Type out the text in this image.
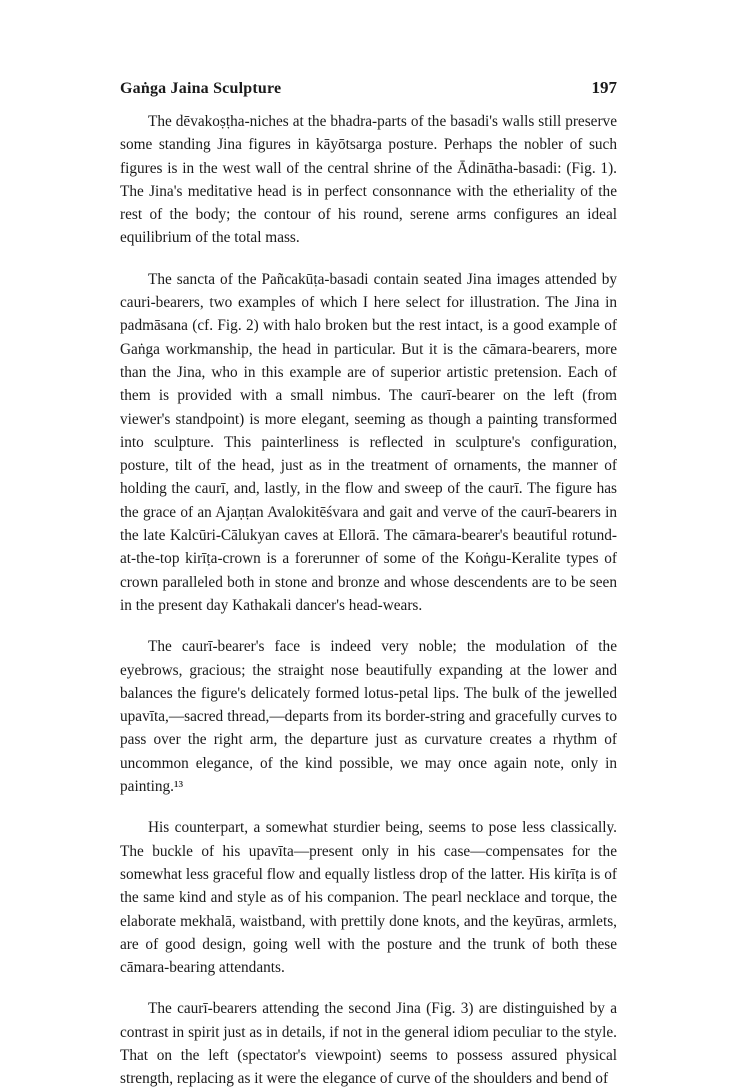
Gaṅga Jaina Sculpture	197

The dēvakoṣṭha-niches at the bhadra-parts of the basadi's walls still preserve some standing Jina figures in kāyōtsarga posture. Perhaps the nobler of such figures is in the west wall of the central shrine of the Ādinātha-basadi: (Fig. 1). The Jina's meditative head is in perfect consonnance with the etheriality of the rest of the body; the contour of his round, serene arms configures an ideal equilibrium of the total mass.

The sancta of the Pañcakūṭa-basadi contain seated Jina images attended by cauri-bearers, two examples of which I here select for illustration. The Jina in padmāsana (cf. Fig. 2) with halo broken but the rest intact, is a good example of Gaṅga workmanship, the head in particular. But it is the cāmara-bearers, more than the Jina, who in this example are of superior artistic pretension. Each of them is provided with a small nimbus. The caurī-bearer on the left (from viewer's standpoint) is more elegant, seeming as though a painting transformed into sculpture. This painterliness is reflected in sculpture's configuration, posture, tilt of the head, just as in the treatment of ornaments, the manner of holding the caurī, and, lastly, in the flow and sweep of the caurī. The figure has the grace of an Ajaṇṭan Avalokitēśvara and gait and verve of the caurī-bearers in the late Kalcūri-Cālukyan caves at Ellorā. The cāmara-bearer's beautiful rotund-at-the-top kirīṭa-crown is a forerunner of some of the Koṅgu-Keralite types of crown paralleled both in stone and bronze and whose descendents are to be seen in the present day Kathakali dancer's head-wears.

The caurī-bearer's face is indeed very noble; the modulation of the eyebrows, gracious; the straight nose beautifully expanding at the lower and balances the figure's delicately formed lotus-petal lips. The bulk of the jewelled upavīta,—sacred thread,—departs from its border-string and gracefully curves to pass over the right arm, the departure just as curvature creates a rhythm of uncommon elegance, of the kind possible, we may once again note, only in painting.¹³

His counterpart, a somewhat sturdier being, seems to pose less classically. The buckle of his upavīta—present only in his case—compensates for the somewhat less graceful flow and equally listless drop of the latter. His kirīṭa is of the same kind and style as of his companion. The pearl necklace and torque, the elaborate mekhalā, waistband, with prettily done knots, and the keyūras, armlets, are of good design, going well with the posture and the trunk of both these cāmara-bearing attendants.

The caurī-bearers attending the second Jina (Fig. 3) are distinguished by a contrast in spirit just as in details, if not in the general idiom peculiar to the style. That on the left (spectator's viewpoint) seems to possess assured physical strength, replacing as it were the elegance of curve of the shoulders and bend of
